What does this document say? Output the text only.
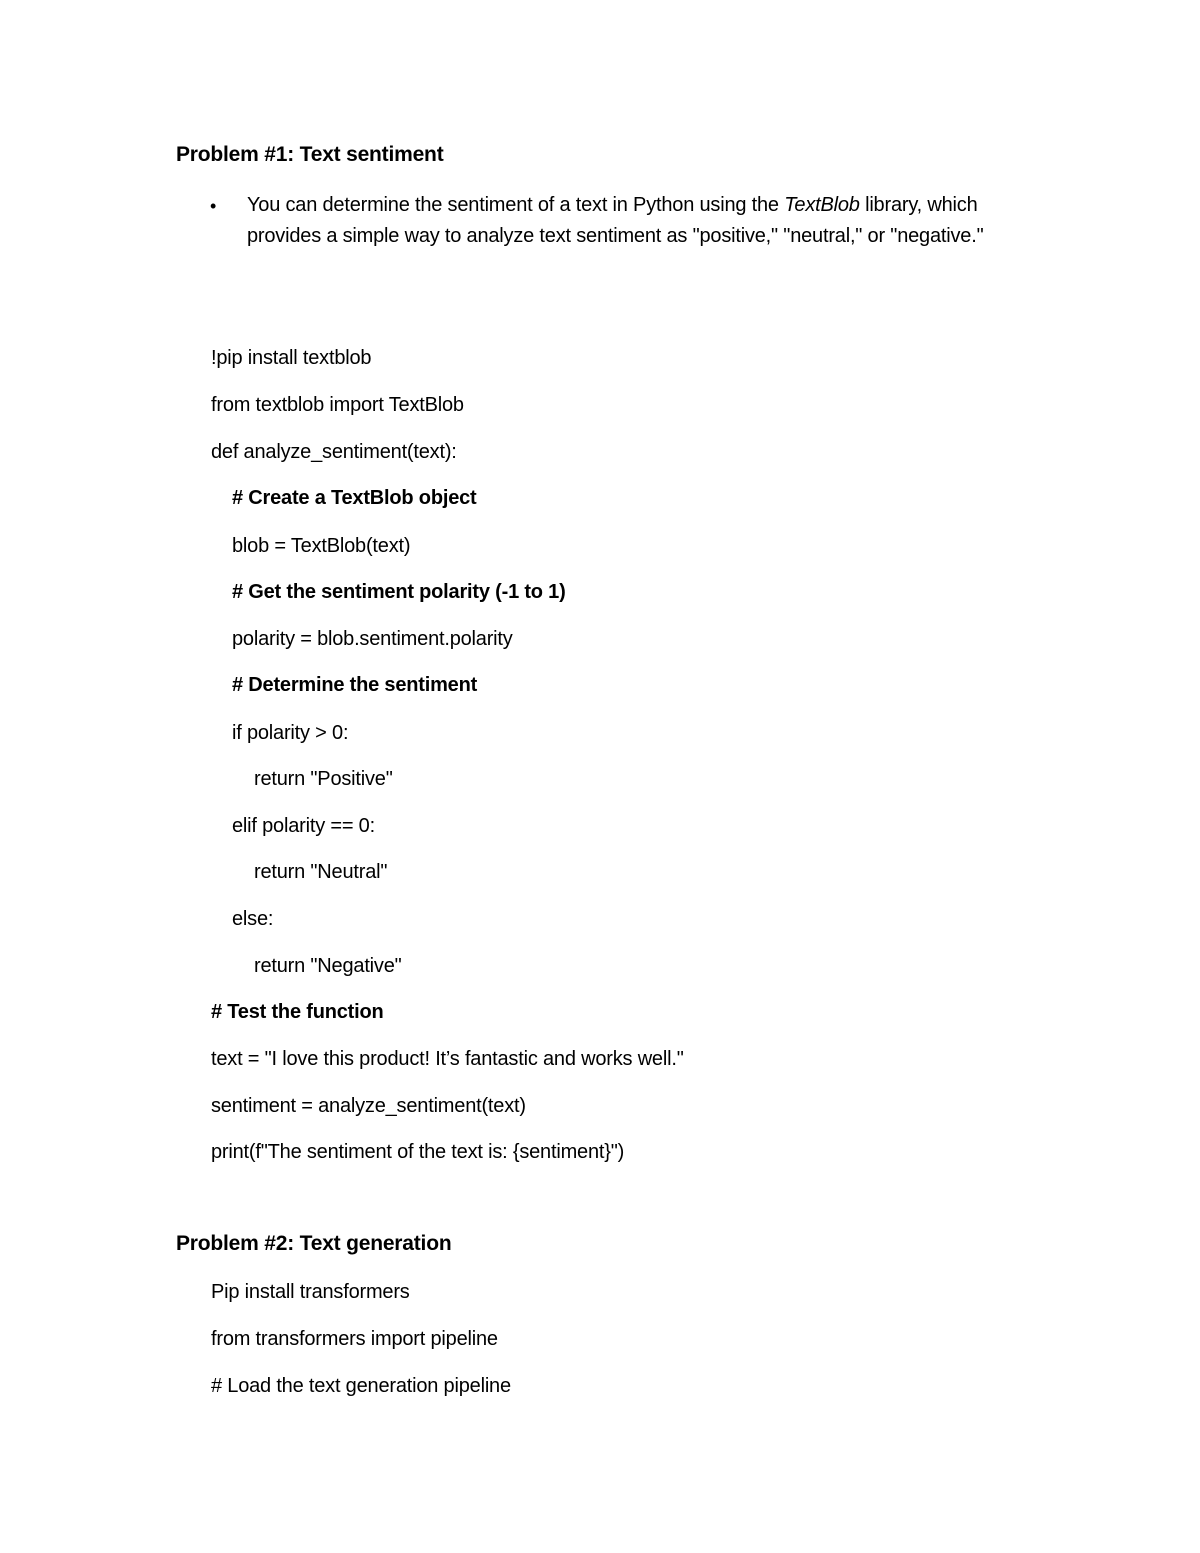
Problem #1: Text sentiment
• You can determine the sentiment of a text in Python using the TextBlob library, which provides a simple way to analyze text sentiment as "positive," "neutral," or "negative."
!pip install textblob
from textblob import TextBlob
def analyze_sentiment(text):
# Create a TextBlob object
blob = TextBlob(text)
# Get the sentiment polarity (-1 to 1)
polarity = blob.sentiment.polarity
# Determine the sentiment
if polarity > 0:
return "Positive"
elif polarity == 0:
return "Neutral"
else:
return "Negative"
# Test the function
text = "I love this product! It’s fantastic and works well."
sentiment = analyze_sentiment(text)
print(f"The sentiment of the text is: {sentiment}")
Problem #2: Text generation
Pip install transformers
from transformers import pipeline
# Load the text generation pipeline
